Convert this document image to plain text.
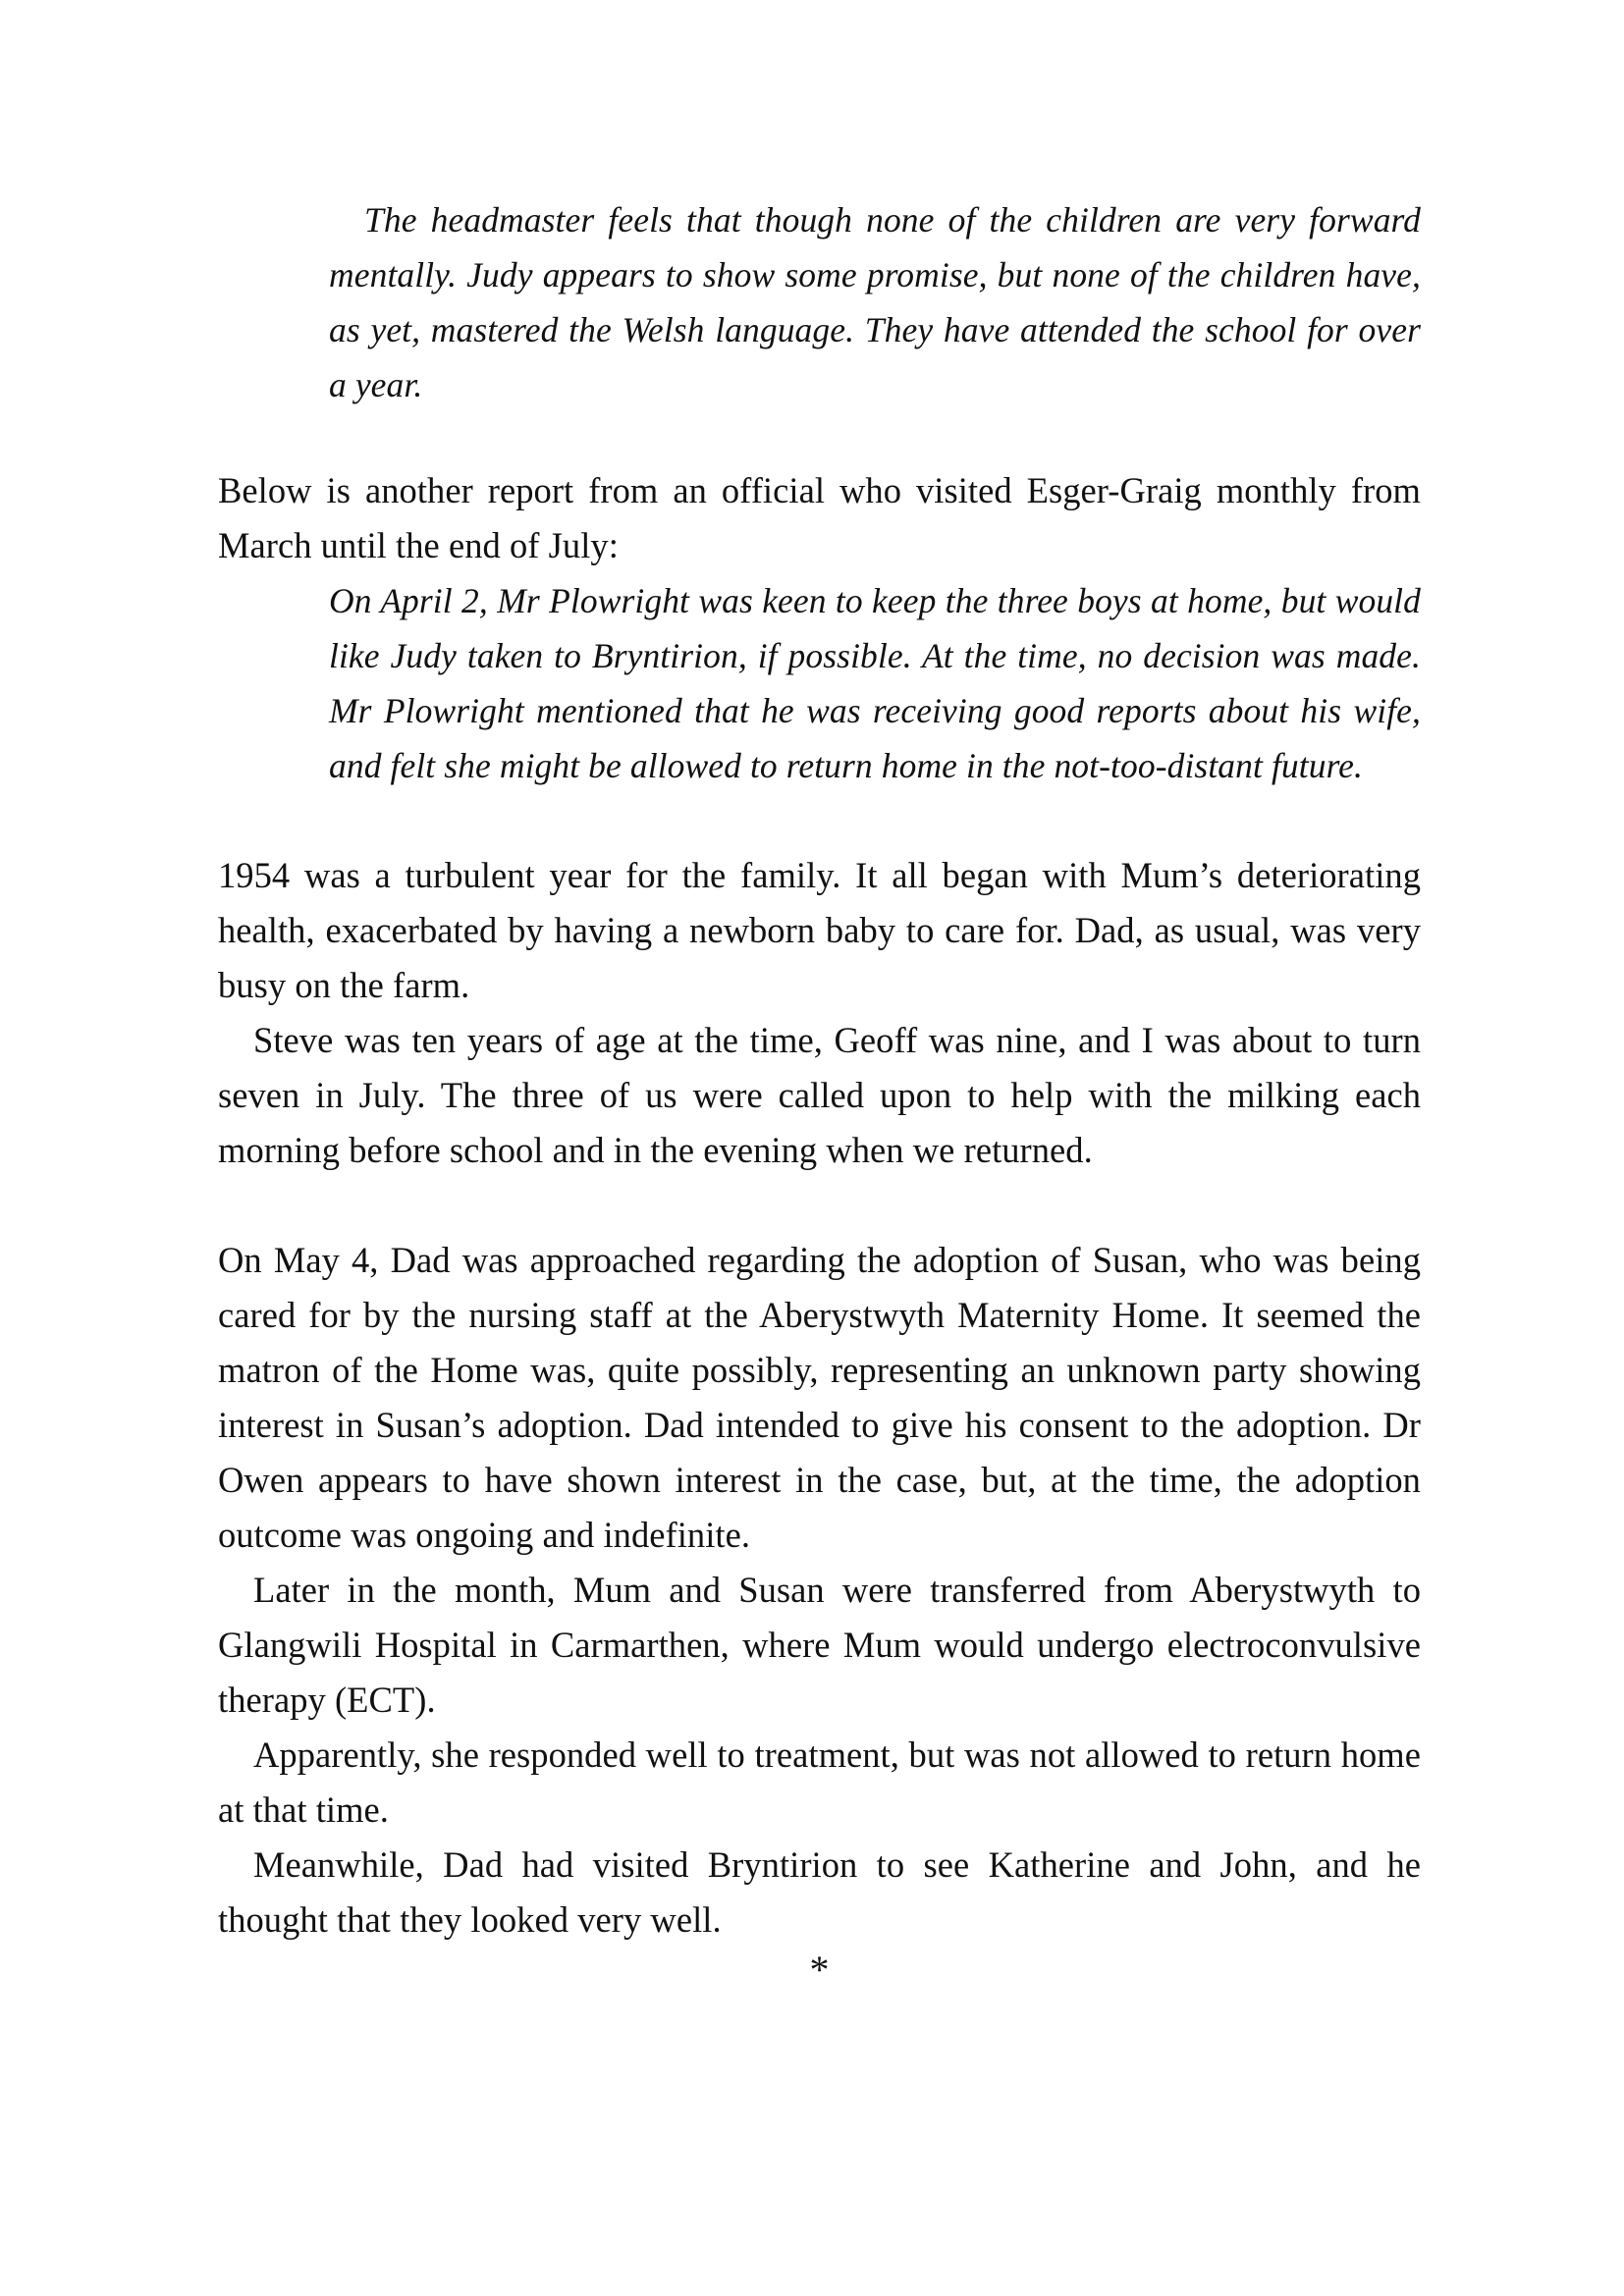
The headmaster feels that though none of the children are very forward mentally. Judy appears to show some promise, but none of the children have, as yet, mastered the Welsh language. They have attended the school for over a year.

Below is another report from an official who visited Esger-Graig monthly from March until the end of July:

On April 2, Mr Plowright was keen to keep the three boys at home, but would like Judy taken to Bryntirion, if possible. At the time, no decision was made. Mr Plowright mentioned that he was receiving good reports about his wife, and felt she might be allowed to return home in the not-too-distant future.

1954 was a turbulent year for the family. It all began with Mum’s deteriorating health, exacerbated by having a newborn baby to care for. Dad, as usual, was very busy on the farm.

Steve was ten years of age at the time, Geoff was nine, and I was about to turn seven in July. The three of us were called upon to help with the milking each morning before school and in the evening when we returned.

On May 4, Dad was approached regarding the adoption of Susan, who was being cared for by the nursing staff at the Aberystwyth Maternity Home. It seemed the matron of the Home was, quite possibly, representing an unknown party showing interest in Susan’s adoption. Dad intended to give his consent to the adoption. Dr Owen appears to have shown interest in the case, but, at the time, the adoption outcome was ongoing and indefinite.

Later in the month, Mum and Susan were transferred from Aberystwyth to Glangwili Hospital in Carmarthen, where Mum would undergo electroconvulsive therapy (ECT).

Apparently, she responded well to treatment, but was not allowed to return home at that time.

Meanwhile, Dad had visited Bryntirion to see Katherine and John, and he thought that they looked very well.

*
